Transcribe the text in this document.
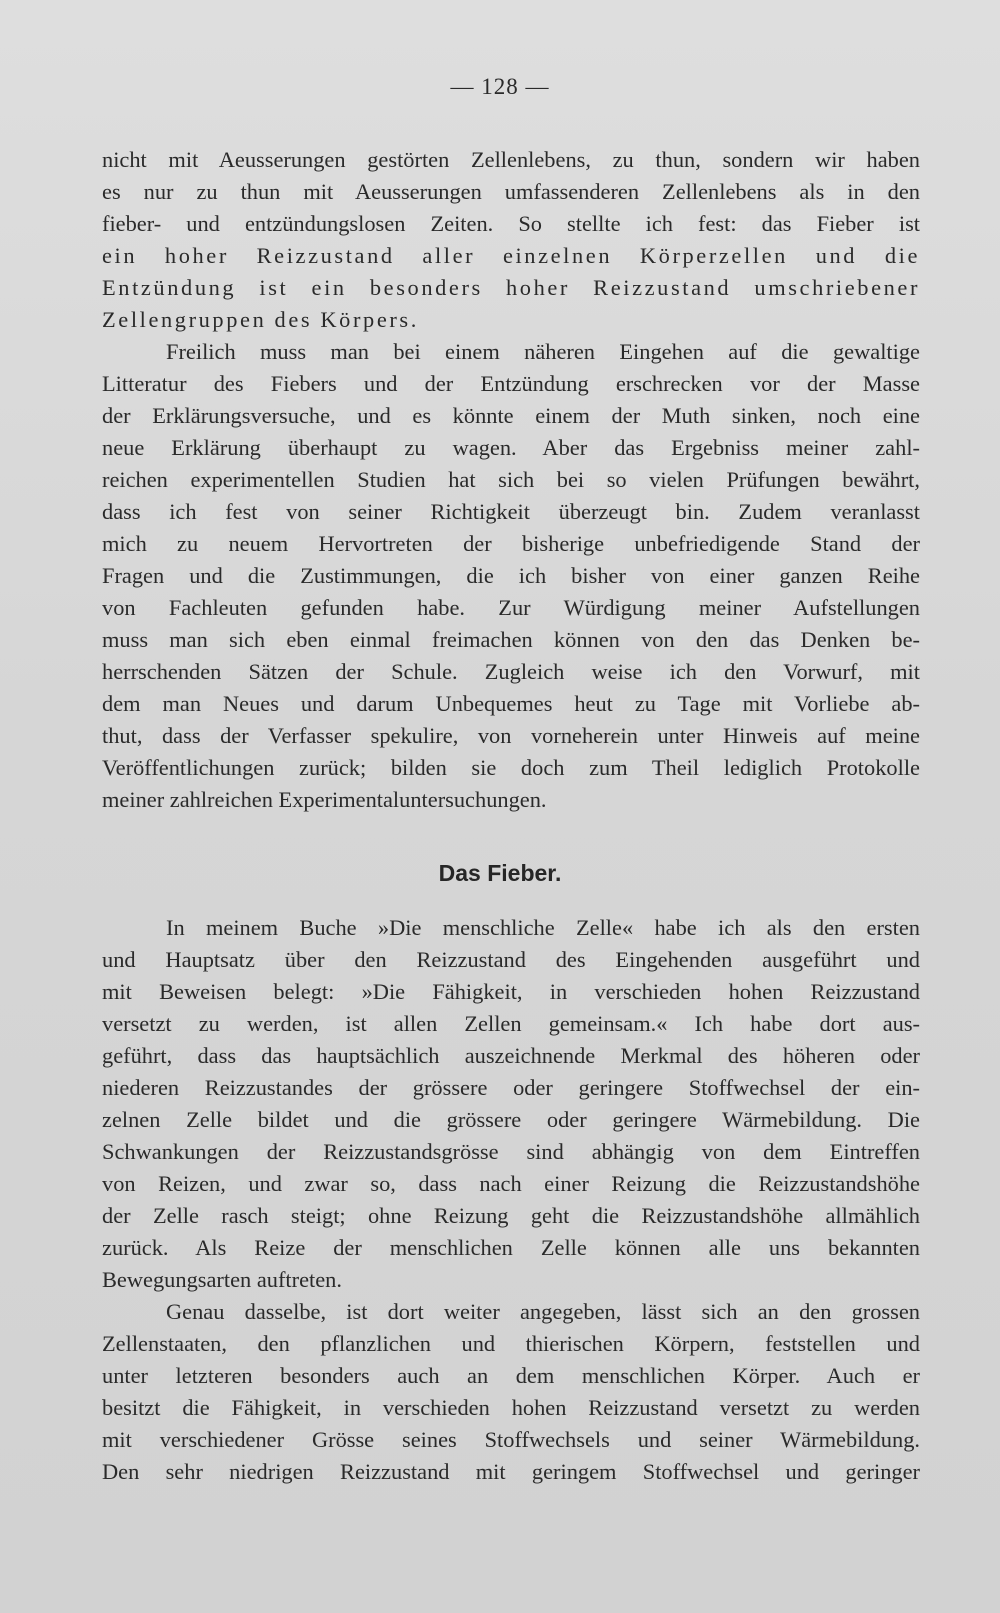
— 128 —
nicht mit Aeusserungen gestörten Zellenlebens, zu thun, sondern wir haben
es nur zu thun mit Aeusserungen umfassenderen Zellenlebens als in den
fieber- und entzündungslosen Zeiten. So stellte ich fest: das Fieber ist
ein hoher Reizzustand aller einzelnen Körperzellen und die
Entzündung ist ein besonders hoher Reizzustand umschriebener
Zellengruppen des Körpers.
Freilich muss man bei einem näheren Eingehen auf die gewaltige
Litteratur des Fiebers und der Entzündung erschrecken vor der Masse
der Erklärungsversuche, und es könnte einem der Muth sinken, noch eine
neue Erklärung überhaupt zu wagen. Aber das Ergebniss meiner zahl-
reichen experimentellen Studien hat sich bei so vielen Prüfungen bewährt,
dass ich fest von seiner Richtigkeit überzeugt bin. Zudem veranlasst
mich zu neuem Hervortreten der bisherige unbefriedigende Stand der
Fragen und die Zustimmungen, die ich bisher von einer ganzen Reihe
von Fachleuten gefunden habe. Zur Würdigung meiner Aufstellungen
muss man sich eben einmal freimachen können von den das Denken be-
herrschenden Sätzen der Schule. Zugleich weise ich den Vorwurf, mit
dem man Neues und darum Unbequemes heut zu Tage mit Vorliebe ab-
thut, dass der Verfasser spekulire, von vorneherein unter Hinweis auf meine
Veröffentlichungen zurück; bilden sie doch zum Theil lediglich Protokolle
meiner zahlreichen Experimentaluntersuchungen.
Das Fieber.
In meinem Buche »Die menschliche Zelle« habe ich als den ersten
und Hauptsatz über den Reizzustand des Eingehenden ausgeführt und
mit Beweisen belegt: »Die Fähigkeit, in verschieden hohen Reizzustand
versetzt zu werden, ist allen Zellen gemeinsam.« Ich habe dort aus-
geführt, dass das hauptsächlich auszeichnende Merkmal des höheren oder
niederen Reizzustandes der grössere oder geringere Stoffwechsel der ein-
zelnen Zelle bildet und die grössere oder geringere Wärmebildung. Die
Schwankungen der Reizzustandsgrösse sind abhängig von dem Eintreffen
von Reizen, und zwar so, dass nach einer Reizung die Reizzustandshöhe
der Zelle rasch steigt; ohne Reizung geht die Reizzustandshöhe allmählich
zurück. Als Reize der menschlichen Zelle können alle uns bekannten
Bewegungsarten auftreten.
Genau dasselbe, ist dort weiter angegeben, lässt sich an den grossen
Zellenstaaten, den pflanzlichen und thierischen Körpern, feststellen und
unter letzteren besonders auch an dem menschlichen Körper. Auch er
besitzt die Fähigkeit, in verschieden hohen Reizzustand versetzt zu werden
mit verschiedener Grösse seines Stoffwechsels und seiner Wärmebildung.
Den sehr niedrigen Reizzustand mit geringem Stoffwechsel und geringer
